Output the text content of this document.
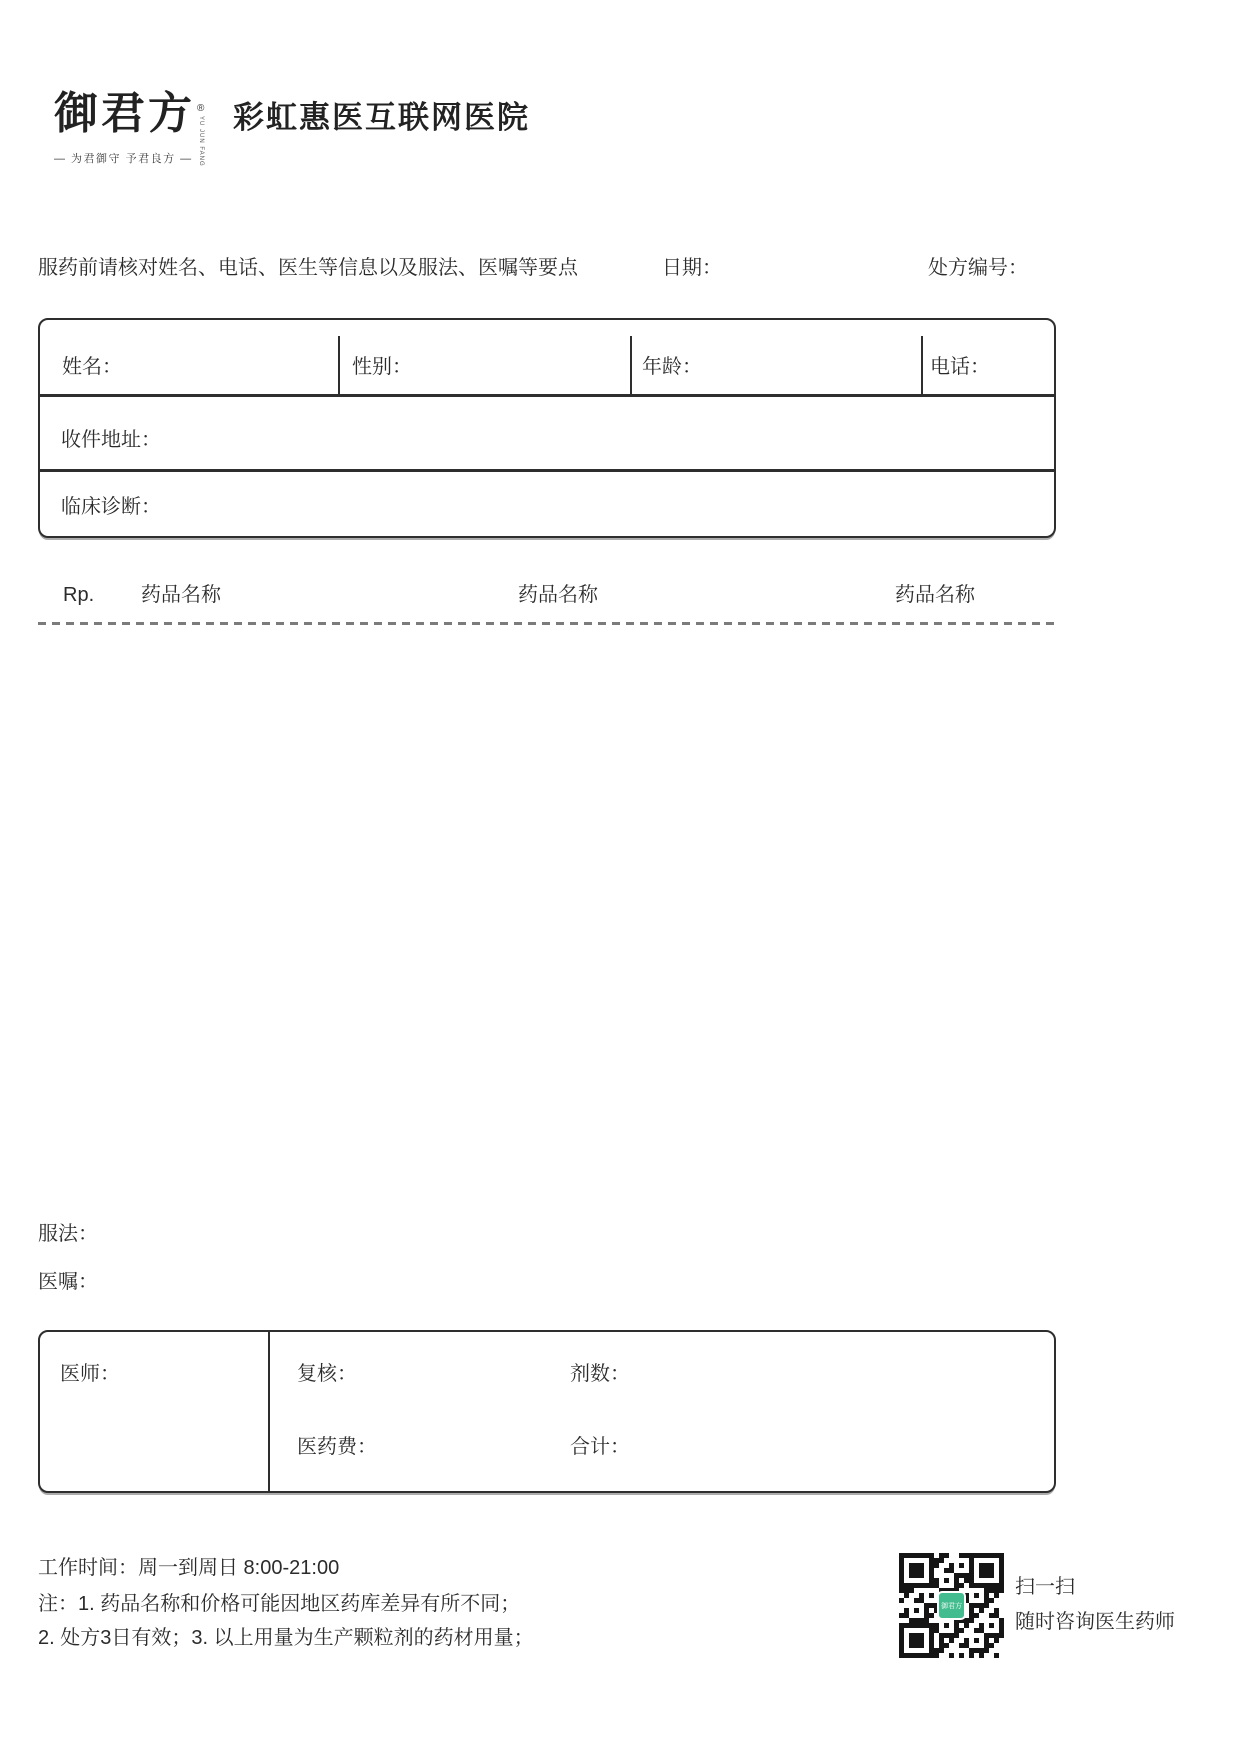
御君方 ®
YU JUN FANG
— 为君御守 予君良方 —
彩虹惠医互联网医院
服药前请核对姓名、电话、医生等信息以及服法、医嘱等要点	日期：	处方编号：
姓名：	性别：	年龄：	电话：
收件地址：
临床诊断：
Rp. 药品名称	药品名称	药品名称
服法：
医嘱：
医师：	复核：	剂数：
医药费：	合计：
工作时间：周一到周日 8:00-21:00
注：1. 药品名称和价格可能因地区药库差异有所不同；
2. 处方3日有效；3. 以上用量为生产颗粒剂的药材用量；
御君方
扫一扫
随时咨询医生药师
